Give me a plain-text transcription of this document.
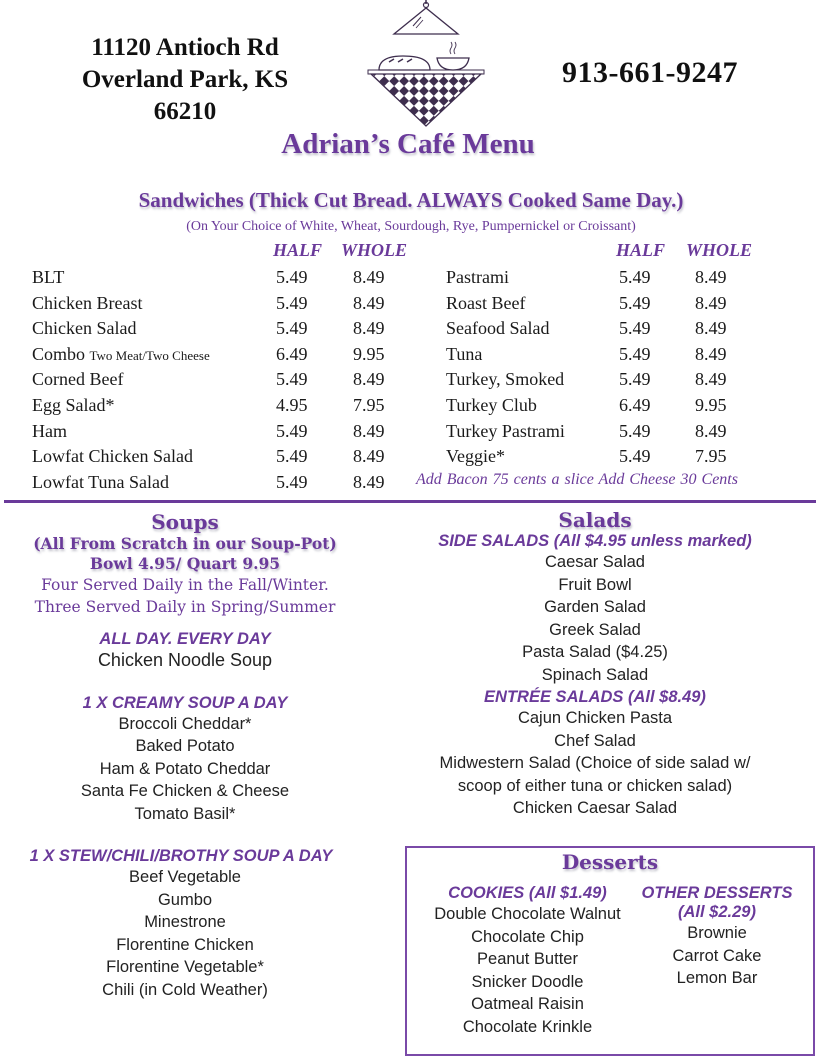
11120 Antioch Rd
Overland Park, KS
66210
913-661-9247
Adrian’s Café Menu
Sandwiches (Thick Cut Bread. ALWAYS Cooked Same Day.)
(On Your Choice of White, Wheat, Sourdough, Rye, Pumpernickel or Croissant)
HALF WHOLE	HALF WHOLE
BLT	5.49	8.49
Chicken Breast	5.49	8.49
Chicken Salad	5.49	8.49
Combo Two Meat/Two Cheese	6.49	9.95
Corned Beef	5.49	8.49
Egg Salad*	4.95	7.95
Ham	5.49	8.49
Lowfat Chicken Salad	5.49	8.49
Lowfat Tuna Salad	5.49	8.49
Pastrami	5.49 8.49
Roast Beef	5.49 8.49
Seafood Salad	5.49 8.49
Tuna	5.49 8.49
Turkey, Smoked	5.49 8.49
Turkey Club	6.49 9.95
Turkey Pastrami	5.49 8.49
Veggie*	5.49 7.95
Add Bacon 75 cents a slice Add Cheese 30 Cents
Soups
(All From Scratch in our Soup-Pot)
Bowl 4.95/ Quart 9.95
Four Served Daily in the Fall/Winter.
Three Served Daily in Spring/Summer
ALL DAY. EVERY DAY
Chicken Noodle Soup
1 X CREAMY SOUP A DAY
Broccoli Cheddar*
Baked Potato
Ham & Potato Cheddar
Santa Fe Chicken & Cheese
Tomato Basil*
1 X STEW/CHILI/BROTHY SOUP A DAY
Beef Vegetable
Gumbo
Minestrone
Florentine Chicken
Florentine Vegetable*
Chili (in Cold Weather)
Salads
SIDE SALADS (All $4.95 unless marked)
Caesar Salad
Fruit Bowl
Garden Salad
Greek Salad
Pasta Salad ($4.25)
Spinach Salad
ENTRÉE SALADS (All $8.49)
Cajun Chicken Pasta
Chef Salad
Midwestern Salad (Choice of side salad w/
scoop of either tuna or chicken salad)
Chicken Caesar Salad
Desserts
COOKIES (All $1.49)
Double Chocolate Walnut
Chocolate Chip
Peanut Butter
Snicker Doodle
Oatmeal Raisin
Chocolate Krinkle
OTHER DESSERTS
(All $2.29)
Brownie
Carrot Cake
Lemon Bar
